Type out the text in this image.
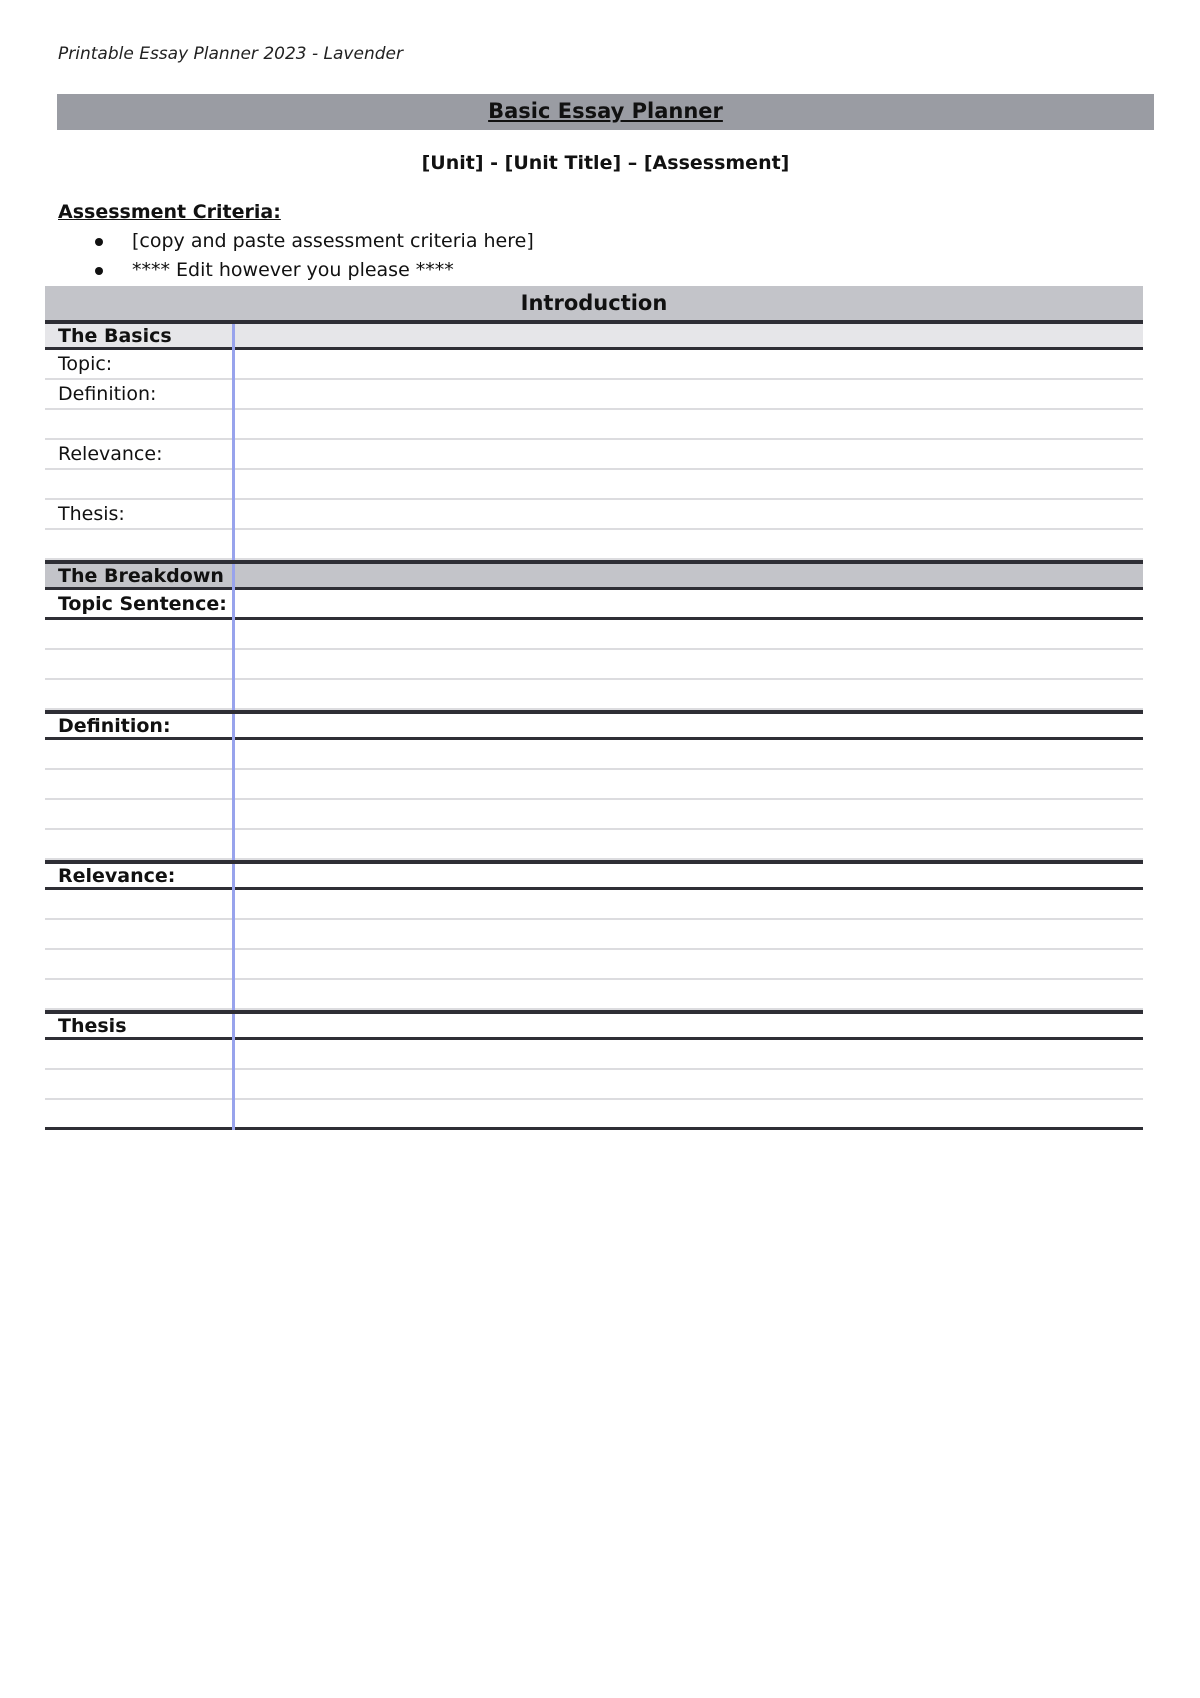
Printable Essay Planner 2023 - Lavender
Basic Essay Planner
[Unit] - [Unit Title] – [Assessment]
Assessment Criteria:
[copy and paste assessment criteria here]
**** Edit however you please ****
Introduction
The Basics
Topic:
Definition:
Relevance:
Thesis:
The Breakdown
Topic Sentence:
Definition:
Relevance:
Thesis
